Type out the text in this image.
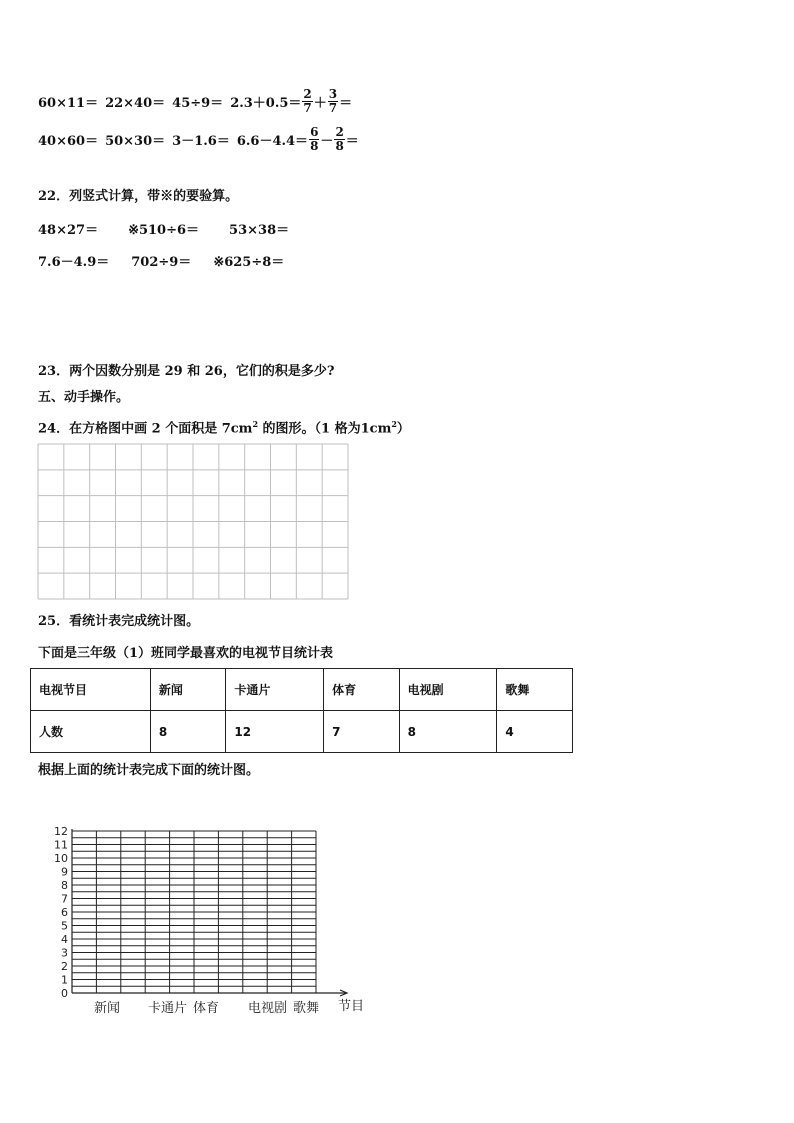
$60\times 11= 22\times 40= 45\div 9= 2.3+0.5= \frac{2}{7} + \frac{3}{7}$ ＝
$40\times 60= 50\times 30= 3-1.6= 6.6-4.4= \frac{6}{8} - \frac{2}{8}$ ＝
22．列竖式计算，带※的要验算。
48×27＝ ※510÷6＝ 53×38＝
7.6－4.9＝ 702÷9＝ ※625÷8＝
23．两个因数分别是 29 和 26，它们的积是多少?
五、动手操作。
24．在方格图中画 2 个面积是 $7cm^2$ 的图形。（1 格为$1cm^2$）
25．看统计表完成统计图。
下面是三年级（1）班同学最喜欢的电视节目统计表
电视节目	新闻	卡通片	体育	电视剧	歌舞
人数	8	12	7	8	4
根据上面的统计表完成下面的统计图。
0
1
2
3
4
5
6
7
8
9
10
11
12
新闻 卡通片 体育 电视剧 歌舞 节目
